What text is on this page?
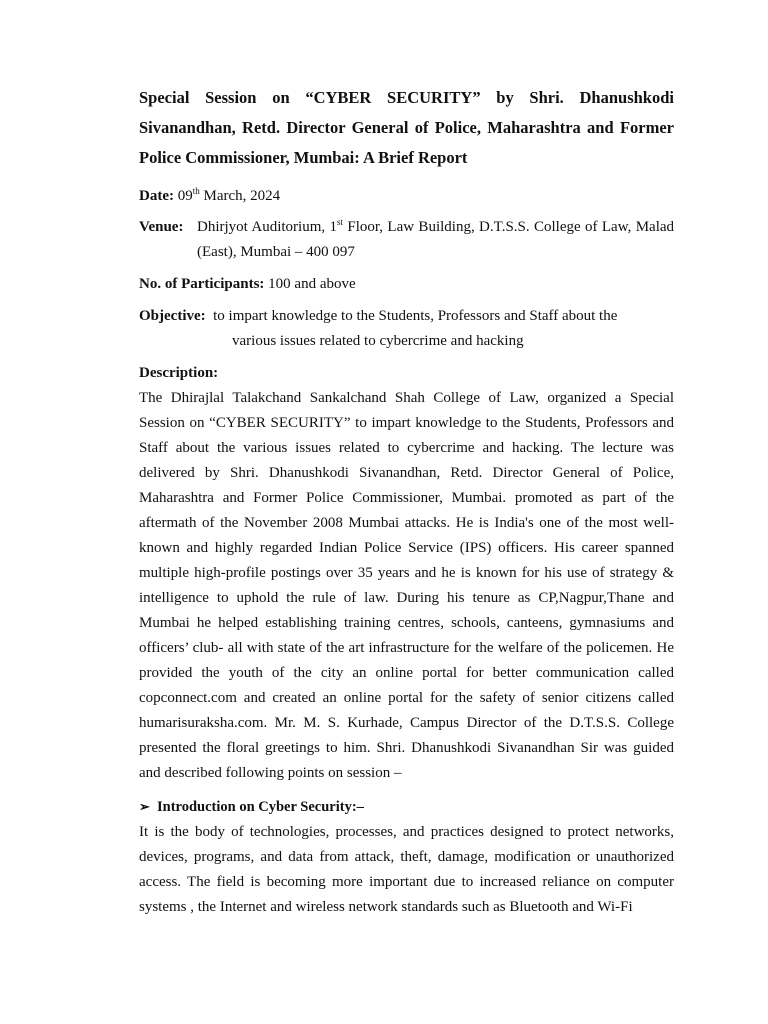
Special Session on “CYBER SECURITY” by Shri. Dhanushkodi Sivanandhan, Retd. Director General of Police, Maharashtra and Former Police Commissioner, Mumbai: A Brief Report

Date: 09th March, 2024
Venue: Dhirjyot Auditorium, 1st Floor, Law Building, D.T.S.S. College of Law, Malad (East), Mumbai – 400 097
No. of Participants: 100 and above
Objective: to impart knowledge to the Students, Professors and Staff about the
various issues related to cybercrime and hacking
Description:

The Dhirajlal Talakchand Sankalchand Shah College of Law, organized a Special Session on “CYBER SECURITY” to impart knowledge to the Students, Professors and Staff about the various issues related to cybercrime and hacking. The lecture was delivered by Shri. Dhanushkodi Sivanandhan, Retd. Director General of Police, Maharashtra and Former Police Commissioner, Mumbai. promoted as part of the aftermath of the November 2008 Mumbai attacks. He is India's one of the most well-known and highly regarded Indian Police Service (IPS) officers. His career spanned multiple high-profile postings over 35 years and he is known for his use of strategy & intelligence to uphold the rule of law. During his tenure as CP,Nagpur,Thane and Mumbai he helped establishing training centres, schools, canteens, gymnasiums and officers’ club- all with state of the art infrastructure for the welfare of the policemen. He provided the youth of the city an online portal for better communication called copconnect.com and created an online portal for the safety of senior citizens called humarisuraksha.com. Mr. M. S. Kurhade, Campus Director of the D.T.S.S. College presented the floral greetings to him. Shri. Dhanushkodi Sivanandhan Sir was guided and described following points on session –

➢ Introduction on Cyber Security:–

It is the body of technologies, processes, and practices designed to protect networks, devices, programs, and data from attack, theft, damage, modification or unauthorized access. The field is becoming more important due to increased reliance on computer systems , the Internet and wireless network standards such as Bluetooth and Wi-Fi
